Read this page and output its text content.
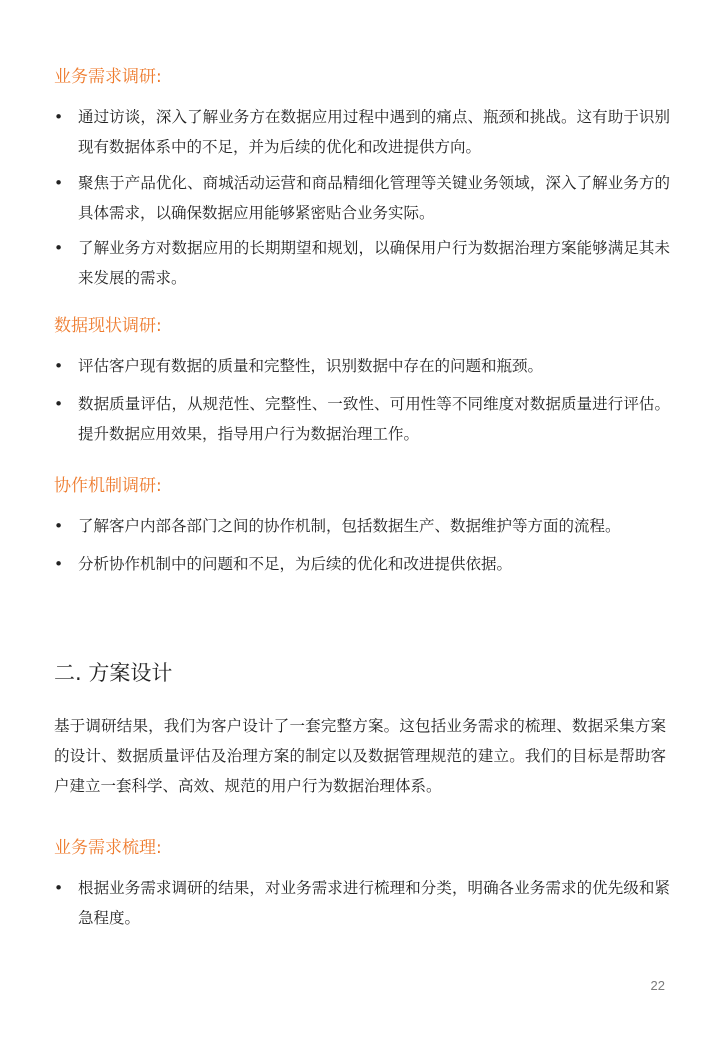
业务需求调研:
• 通过访谈，深入了解业务方在数据应用过程中遇到的痛点、瓶颈和挑战。这有助于识别现有数据体系中的不足，并为后续的优化和改进提供方向。
• 聚焦于产品优化、商城活动运营和商品精细化管理等关键业务领域，深入了解业务方的具体需求，以确保数据应用能够紧密贴合业务实际。
• 了解业务方对数据应用的长期期望和规划，以确保用户行为数据治理方案能够满足其未来发展的需求。
数据现状调研:
• 评估客户现有数据的质量和完整性，识别数据中存在的问题和瓶颈。
• 数据质量评估，从规范性、完整性、一致性、可用性等不同维度对数据质量进行评估。提升数据应用效果，指导用户行为数据治理工作。
协作机制调研:
• 了解客户内部各部门之间的协作机制，包括数据生产、数据维护等方面的流程。
• 分析协作机制中的问题和不足，为后续的优化和改进提供依据。
二. 方案设计
基于调研结果，我们为客户设计了一套完整方案。这包括业务需求的梳理、数据采集方案的设计、数据质量评估及治理方案的制定以及数据管理规范的建立。我们的目标是帮助客户建立一套科学、高效、规范的用户行为数据治理体系。
业务需求梳理:
• 根据业务需求调研的结果，对业务需求进行梳理和分类，明确各业务需求的优先级和紧急程度。
22
